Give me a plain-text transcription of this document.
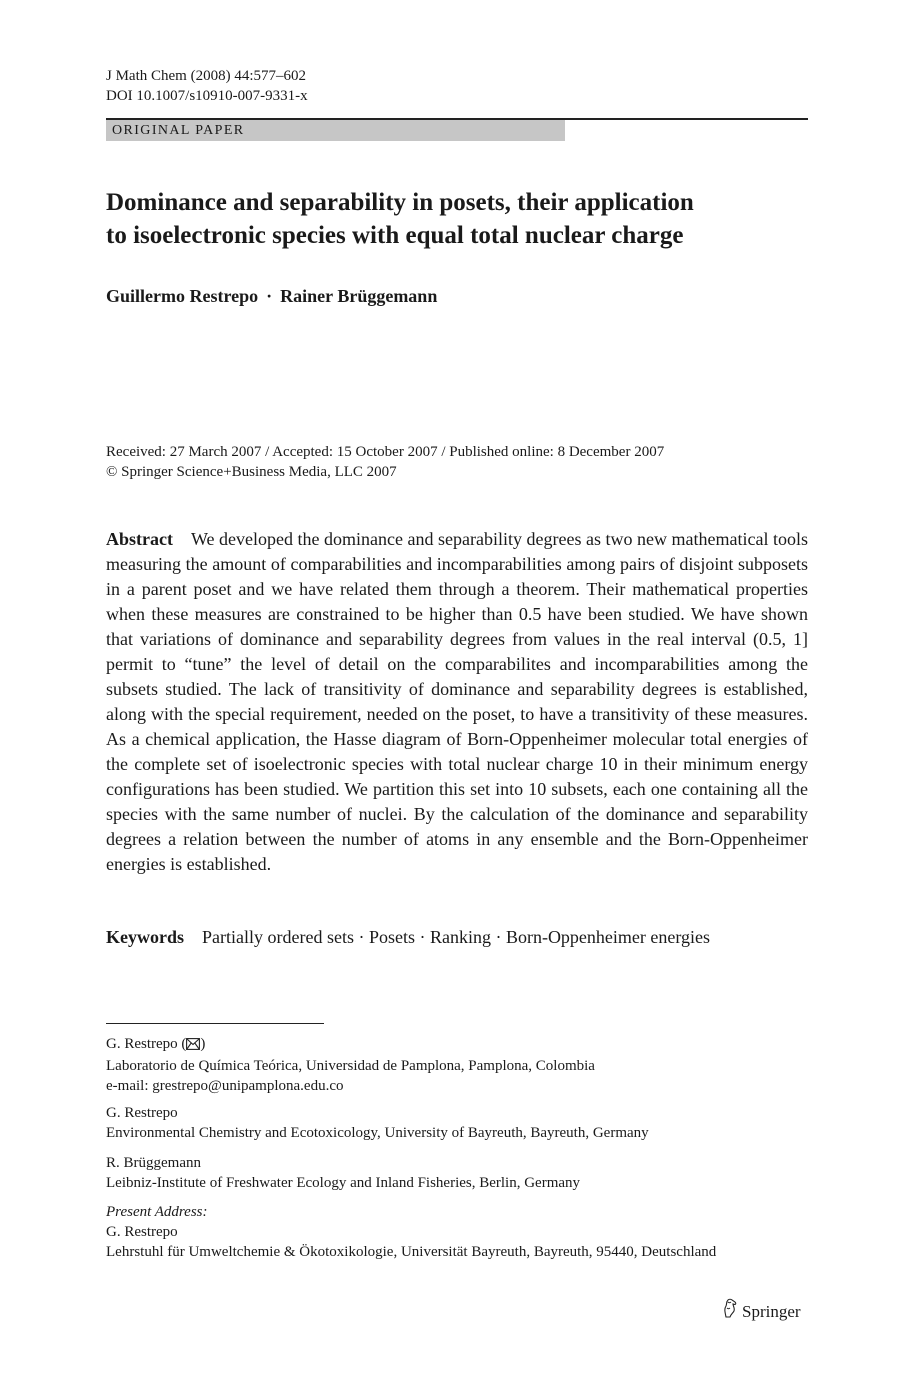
J Math Chem (2008) 44:577–602
DOI 10.1007/s10910-007-9331-x
ORIGINAL PAPER
Dominance and separability in posets, their application
to isoelectronic species with equal total nuclear charge
Guillermo Restrepo · Rainer Brüggemann
Received: 27 March 2007 / Accepted: 15 October 2007 / Published online: 8 December 2007
© Springer Science+Business Media, LLC 2007

Abstract We developed the dominance and separability degrees as two new mathematical tools measuring the amount of comparabilities and incomparabilities among pairs of disjoint subposets in a parent poset and we have related them through a theorem. Their mathematical properties when these measures are constrained to be higher than 0.5 have been studied. We have shown that variations of dominance and separability degrees from values in the real interval (0.5, 1] permit to “tune” the level of detail on the comparabilites and incomparabilities among the subsets studied. The lack of transitivity of dominance and separability degrees is established, along with the special requirement, needed on the poset, to have a transitivity of these measures. As a chemical application, the Hasse diagram of Born-Oppenheimer molecular total energies of the complete set of isoelectronic species with total nuclear charge 10 in their minimum energy configurations has been studied. We partition this set into 10 subsets, each one containing all the species with the same number of nuclei. By the calculation of the dominance and separability degrees a relation between the number of atoms in any ensemble and the Born-Oppenheimer energies is established.

Keywords Partially ordered sets · Posets · Ranking · Born-Oppenheimer energies
G. Restrepo ( )
Laboratorio de Química Teórica, Universidad de Pamplona, Pamplona, Colombia
e-mail: grestrepo@unipamplona.edu.co
G. Restrepo
Environmental Chemistry and Ecotoxicology, University of Bayreuth, Bayreuth, Germany
R. Brüggemann
Leibniz-Institute of Freshwater Ecology and Inland Fisheries, Berlin, Germany
Present Address:
G. Restrepo
Lehrstuhl für Umweltchemie & Ökotoxikologie, Universität Bayreuth, Bayreuth, 95440, Deutschland
Springer
